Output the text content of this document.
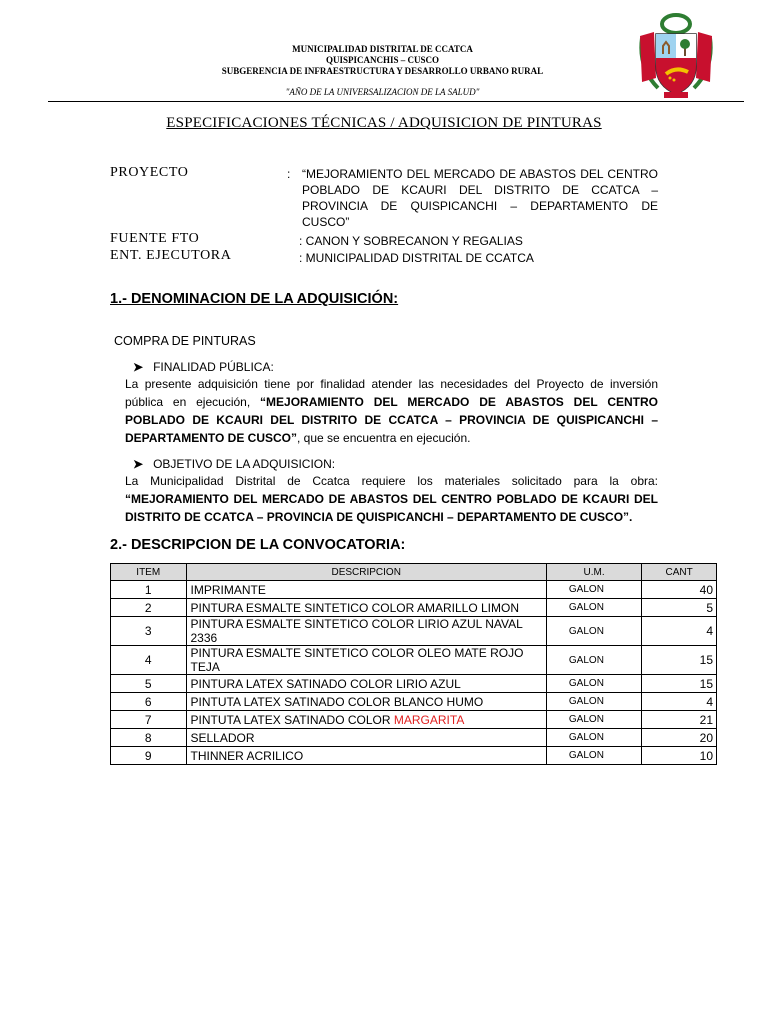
MUNICIPALIDAD DISTRITAL DE CCATCA
QUISPICANCHIS – CUSCO
SUBGERENCIA DE INFRAESTRUCTURA Y DESARROLLO URBANO RURAL
"AÑO DE LA UNIVERSALIZACION DE LA SALUD"
ESPECIFICACIONES TÉCNICAS / ADQUISICION DE PINTURAS
PROYECTO	: “MEJORAMIENTO DEL MERCADO DE ABASTOS DEL CENTRO POBLADO DE KCAURI DEL DISTRITO DE CCATCA – PROVINCIA DE QUISPICANCHI – DEPARTAMENTO DE CUSCO”
FUENTE FTO	: CANON Y SOBRECANON Y REGALIAS
ENT. EJECUTORA	: MUNICIPALIDAD DISTRITAL DE CCATCA
1.- DENOMINACION DE LA ADQUISICIÓN:
COMPRA DE PINTURAS
➤ FINALIDAD PÚBLICA:
La presente adquisición tiene por finalidad atender las necesidades del Proyecto de inversión pública en ejecución, “MEJORAMIENTO DEL MERCADO DE ABASTOS DEL CENTRO POBLADO DE KCAURI DEL DISTRITO DE CCATCA – PROVINCIA DE QUISPICANCHI – DEPARTAMENTO DE CUSCO”, que se encuentra en ejecución.
➤ OBJETIVO DE LA ADQUISICION:
La Municipalidad Distrital de Ccatca requiere los materiales solicitado para la obra: “MEJORAMIENTO DEL MERCADO DE ABASTOS DEL CENTRO POBLADO DE KCAURI DEL DISTRITO DE CCATCA – PROVINCIA DE QUISPICANCHI – DEPARTAMENTO DE CUSCO”.
2.- DESCRIPCION DE LA CONVOCATORIA:
ITEM	DESCRIPCION	U.M.	CANT
1	IMPRIMANTE	GALON	40
2	PINTURA ESMALTE SINTETICO COLOR AMARILLO LIMON	GALON	5
3	PINTURA ESMALTE SINTETICO COLOR LIRIO AZUL NAVAL 2336	GALON	4
4	PINTURA ESMALTE SINTETICO COLOR OLEO MATE ROJO TEJA	GALON	15
5	PINTURA LATEX SATINADO COLOR LIRIO AZUL	GALON	15
6	PINTUTA LATEX SATINADO COLOR BLANCO HUMO	GALON	4
7	PINTUTA LATEX SATINADO COLOR MARGARITA	GALON	21
8	SELLADOR	GALON	20
9	THINNER ACRILICO	GALON	10
